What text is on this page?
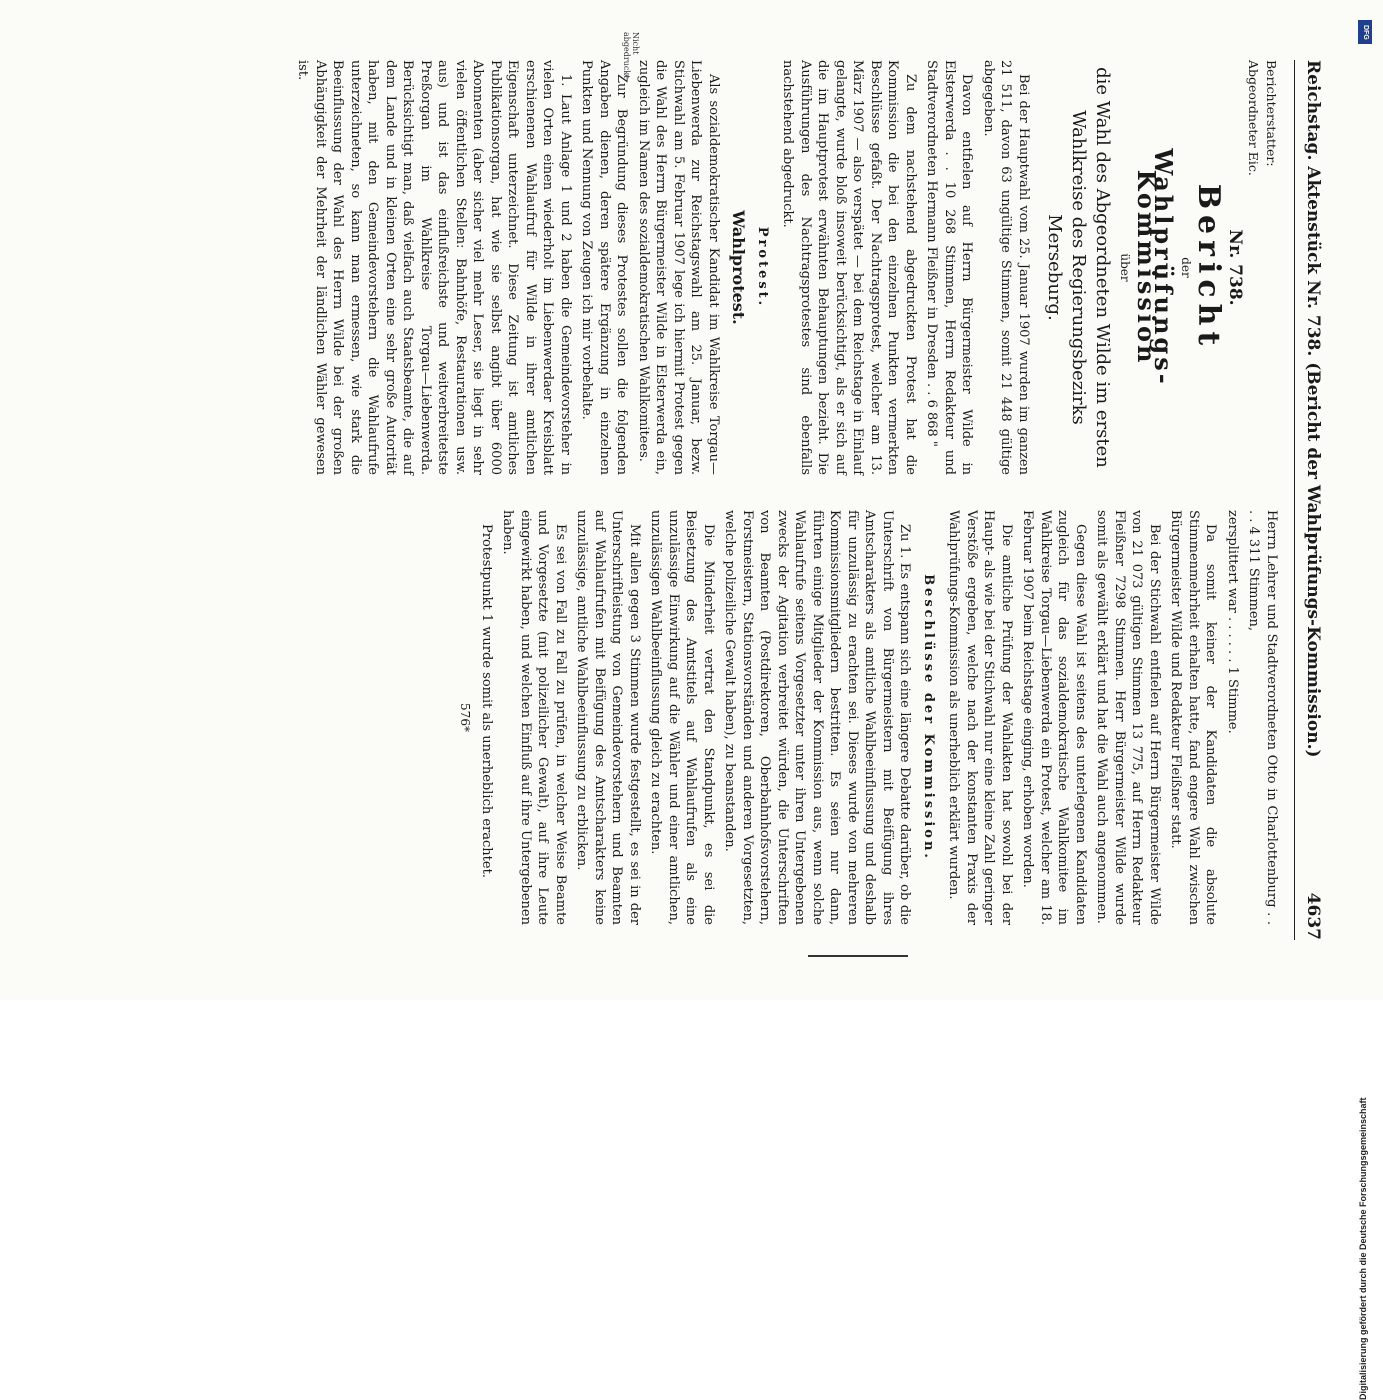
Reichstag. Aktenstück Nr. 738. (Bericht der Wahlprüfungs-Kommission.)
4637
Nicht abgedruckt.
Berichterstatter:
Abgeordneter Eic.
Nr. 738.
Bericht
der
Wahlprüfungs-Kommission
über
die Wahl des Abgeordneten Wilde im ersten Wahlkreise des Regierungsbezirks Merseburg.

Bei der Hauptwahl vom 25. Januar 1907 wurden im ganzen 21 511, davon 63 ungültige Stimmen, somit 21 448 gültige abgegeben.

Davon entfielen auf Herrn Bürgermeister Wilde in Elsterwerda . . 10 268 Stimmen, Herrn Redakteur und Stadtverordneten Hermann Fleißner in Dresden . . 6 868 "

Zu dem nachstehend abgedruckten Protest hat die Kommission die bei den einzelnen Punkten vermerkten Beschlüsse gefaßt. Der Nachtragsprotest, welcher am 13. März 1907 — also verspätet — bei dem Reichstage in Einlauf gelangte, wurde bloß insoweit berücksichtigt, als er sich auf die im Hauptprotest erwähnten Behauptungen bezieht. Die Ausführungen des Nachtragsprotestes sind ebenfalls nachstehend abgedruckt.

Protest.
Wahlprotest.

Als sozialdemokratischer Kandidat im Wahlkreise Torgau—Liebenwerda zur Reichstagswahl am 25. Januar, bezw. Stichwahl am 5. Februar 1907 lege ich hiermit Protest gegen die Wahl des Herrn Bürgermeister Wilde in Elsterwerda ein, zugleich im Namen des sozialdemokratischen Wahlkomitees.

Zur Begründung dieses Protestes sollen die folgenden Angaben dienen, deren spätere Ergänzung in einzelnen Punkten und Nennung von Zeugen ich mir vorbehalte.

1. Laut Anlage 1 und 2 haben die Gemeindevorsteher in vielen Orten einen wiederholt im Liebenwerdaer Kreisblatt erschienenen Wahlaufruf für Wilde in ihrer amtlichen Eigenschaft unterzeichnet. Diese Zeitung ist amtliches Publikationsorgan, hat wie sie selbst angibt über 6000 Abonnenten (aber sicher viel mehr Leser, sie liegt in sehr vielen öffentlichen Stellen: Bahnhöfe, Restaurationen usw. aus) und ist das einflußreichste und weitverbreitetste Preßorgan im Wahlkreise Torgau—Liebenwerda. Berücksichtigt man, daß vielfach auch Staatsbeamte, die auf dem Lande und in kleinen Orten eine sehr große Autorität haben, mit den Gemeindevorstehern die Wahlaufrufe unterzeichneten, so kann man ermessen, wie stark die Beeinflussung der Wahl des Herrn Wilde bei der großen Abhängigkeit der Mehrheit der ländlichen Wähler gewesen ist.

Herrn Lehrer und Stadtverordneten Otto in Charlottenburg . . . . 4 311 Stimmen,

zersplittert war . . . . . . 1 Stimme.

Da somit keiner der Kandidaten die absolute Stimmenmehrheit erhalten hatte, fand engere Wahl zwischen Bürgermeister Wilde und Redakteur Fleißner statt.

Bei der Stichwahl entfielen auf Herrn Bürgermeister Wilde von 21 073 gültigen Stimmen 13 775, auf Herrn Redakteur Fleißner 7298 Stimmen. Herr Bürgermeister Wilde wurde somit als gewählt erklärt und hat die Wahl auch angenommen.

Gegen diese Wahl ist seitens des unterlegenen Kandidaten zugleich für das sozialdemokratische Wahlkomitee im Wahlkreise Torgau—Liebenwerda ein Protest, welcher am 18. Februar 1907 beim Reichstage einging, erhoben worden.

Die amtliche Prüfung der Wahlakten hat sowohl bei der Haupt- als wie bei der Stichwahl nur eine kleine Zahl geringer Verstöße ergeben, welche nach der konstanten Praxis der Wahlprüfungs-Kommission als unerheblich erklärt wurden.

Beschlüsse der Kommission.

Zu 1. Es entspann sich eine längere Debatte darüber, ob die Unterschrift von Bürgermeistern mit Beifügung ihres Amtscharakters als amtliche Wahlbeeinflussung und deshalb für unzulässig zu erachten sei. Dieses wurde von mehreren Kommissionsmitgliedern bestritten. Es seien nur dann, führten einige Mitglieder der Kommission aus, wenn solche Wahlaufrufe seitens Vorgesetzter unter ihren Untergebenen zwecks der Agitation verbreitet würden, die Unterschriften von Beamten (Postdirektoren, Oberbahnhofsvorstehern, Forstmeistern, Stationsvorständen und anderen Vorgesetzten, welche polizeiliche Gewalt haben), zu beanstanden.

Die Minderheit vertrat den Standpunkt, es sei die Beisetzung des Amtstitels auf Wahlaufrufen als eine unzulässige Einwirkung auf die Wähler und einer amtlichen, unzulässigen Wahlbeeinflussung gleich zu erachten.

Mit allen gegen 3 Stimmen wurde festgestellt, es sei in der Unterschriftleistung von Gemeindevorstehern und Beamten auf Wahlaufrufen mit Beifügung des Amtscharakters keine unzulässige, amtliche Wahlbeeinflussung zu erblicken.

Es sei von Fall zu Fall zu prüfen, in welcher Weise Beamte und Vorgesetzte (mit polizeilicher Gewalt), auf ihre Leute eingewirkt haben, und welchen Einfluß auf ihre Untergebenen haben.

Protestpunkt 1 wurde somit als unerheblich erachtet.

576*
DFG
Digitalisierung gefördert durch die Deutsche Forschungsgemeinschaft
